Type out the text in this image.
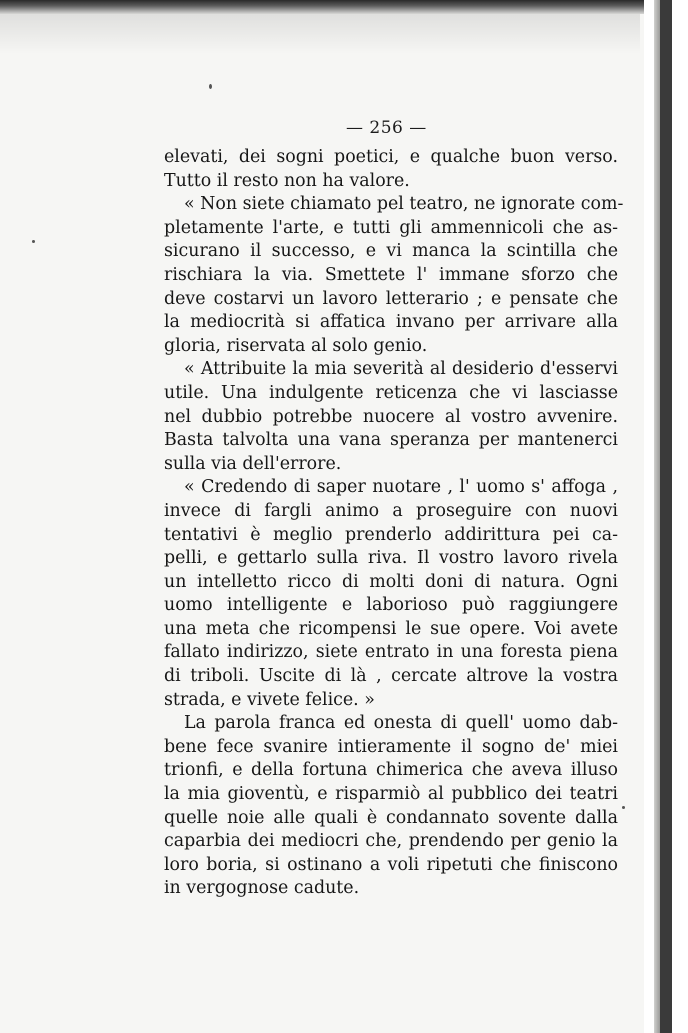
— 256 —
elevati, dei sogni poetici, e qualche buon verso.
Tutto il resto non ha valore.
« Non siete chiamato pel teatro, ne ignorate com-
pletamente l'arte, e tutti gli ammennicoli che as-
sicurano il successo, e vi manca la scintilla che
rischiara la via. Smettete l' immane sforzo che
deve costarvi un lavoro letterario ; e pensate che
la mediocrità si affatica invano per arrivare alla
gloria, riservata al solo genio.
« Attribuite la mia severità al desiderio d'esservi
utile. Una indulgente reticenza che vi lasciasse
nel dubbio potrebbe nuocere al vostro avvenire.
Basta talvolta una vana speranza per mantenerci
sulla via dell'errore.
« Credendo di saper nuotare , l' uomo s' affoga ,
invece di fargli animo a proseguire con nuovi
tentativi è meglio prenderlo addirittura pei ca-
pelli, e gettarlo sulla riva. Il vostro lavoro rivela
un intelletto ricco di molti doni di natura. Ogni
uomo intelligente e laborioso può raggiungere
una meta che ricompensi le sue opere. Voi avete
fallato indirizzo, siete entrato in una foresta piena
di triboli. Uscite di là , cercate altrove la vostra
strada, e vivete felice. »
La parola franca ed onesta di quell' uomo dab-
bene fece svanire intieramente il sogno de' miei
trionfi, e della fortuna chimerica che aveva illuso
la mia gioventù, e risparmiò al pubblico dei teatri
quelle noie alle quali è condannato sovente dalla
caparbia dei mediocri che, prendendo per genio la
loro boria, si ostinano a voli ripetuti che finiscono
in vergognose cadute.
